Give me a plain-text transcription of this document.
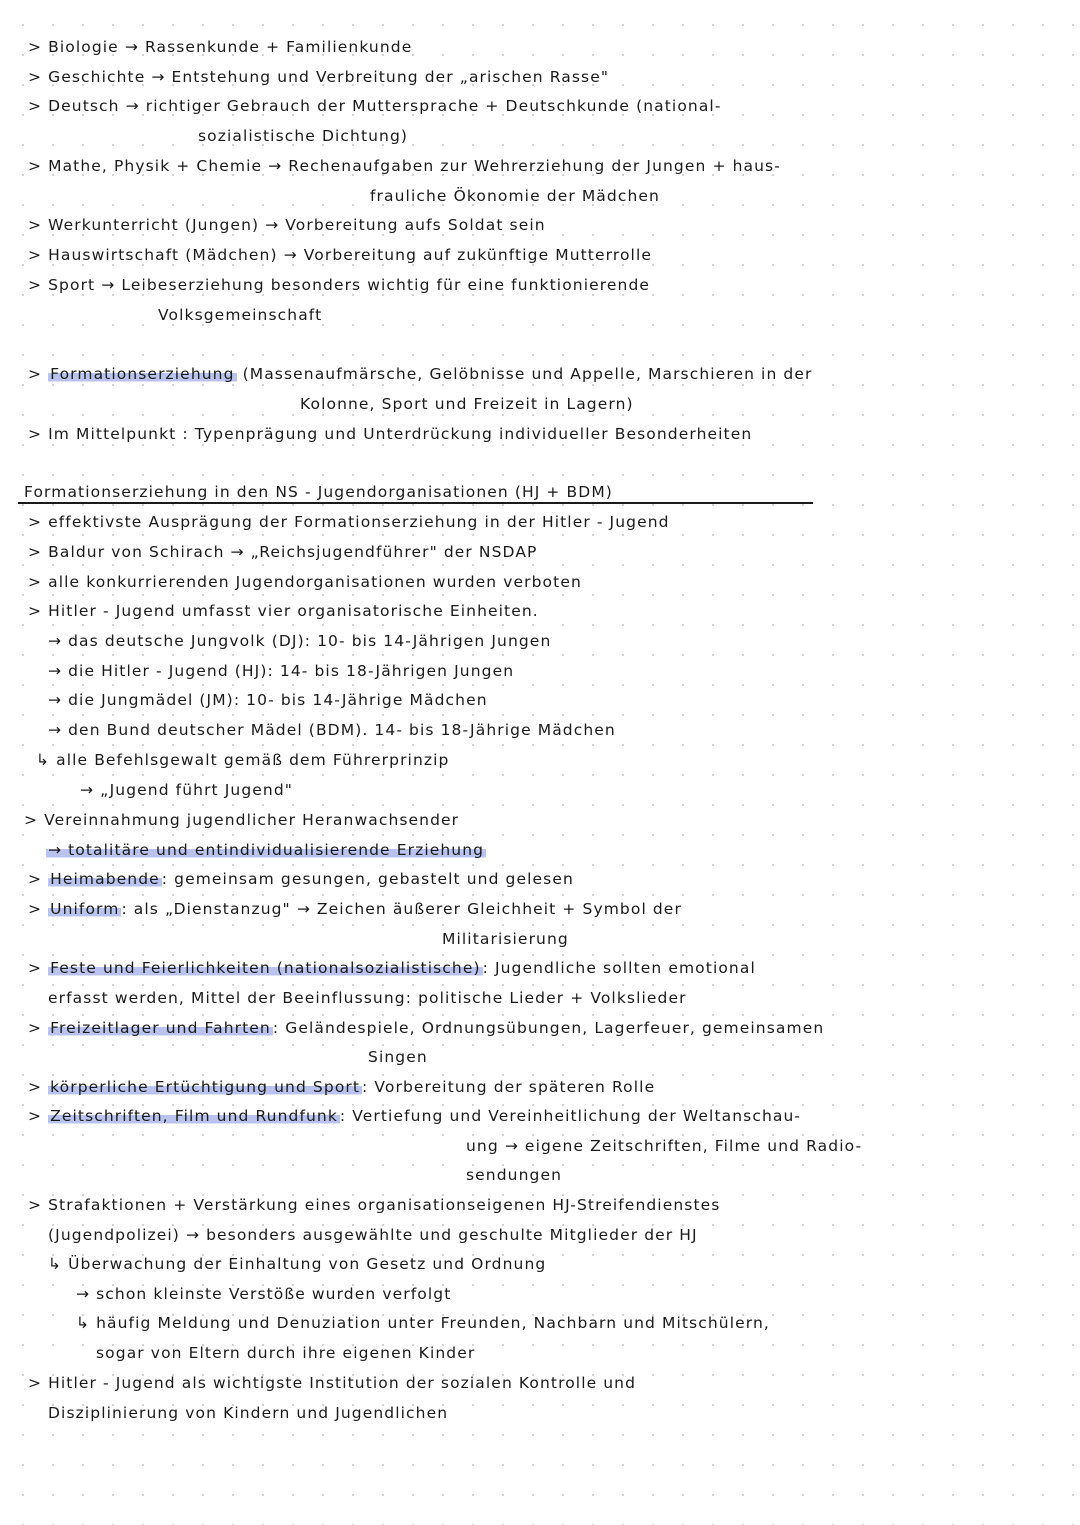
> Biologie → Rassenkunde + Familienkunde
> Geschichte → Entstehung und Verbreitung der „arischen Rasse"
> Deutsch → richtiger Gebrauch der Muttersprache + Deutschkunde (national-
sozialistische Dichtung)
> Mathe, Physik + Chemie → Rechenaufgaben zur Wehrerziehung der Jungen + haus-
frauliche Ökonomie der Mädchen
> Werkunterricht (Jungen) → Vorbereitung aufs Soldat sein
> Hauswirtschaft (Mädchen) → Vorbereitung auf zukünftige Mutterrolle
> Sport → Leibeserziehung besonders wichtig für eine funktionierende
Volksgemeinschaft
> Formationserziehung (Massenaufmärsche, Gelöbnisse und Appelle, Marschieren in der
Kolonne, Sport und Freizeit in Lagern)
> Im Mittelpunkt : Typenprägung und Unterdrückung individueller Besonderheiten
Formationserziehung in den NS - Jugendorganisationen (HJ + BDM)
> effektivste Ausprägung der Formationserziehung in der Hitler - Jugend
> Baldur von Schirach → „Reichsjugendführer" der NSDAP
> alle konkurrierenden Jugendorganisationen wurden verboten
> Hitler - Jugend umfasst vier organisatorische Einheiten.
→ das deutsche Jungvolk (DJ): 10- bis 14-Jährigen Jungen
→ die Hitler - Jugend (HJ): 14- bis 18-Jährigen Jungen
→ die Jungmädel (JM): 10- bis 14-Jährige Mädchen
→ den Bund deutscher Mädel (BDM). 14- bis 18-Jährige Mädchen
↳ alle Befehlsgewalt gemäß dem Führerprinzip
→ „Jugend führt Jugend"
> Vereinnahmung jugendlicher Heranwachsender
→ totalitäre und entindividualisierende Erziehung
> Heimabende : gemeinsam gesungen, gebastelt und gelesen
> Uniform : als „Dienstanzug" → Zeichen äußerer Gleichheit + Symbol der
Militarisierung
> Feste und Feierlichkeiten (nationalsozialistische) : Jugendliche sollten emotional
erfasst werden, Mittel der Beeinflussung: politische Lieder + Volkslieder
> Freizeitlager und Fahrten : Geländespiele, Ordnungsübungen, Lagerfeuer, gemeinsamen
Singen
> körperliche Ertüchtigung und Sport : Vorbereitung der späteren Rolle
> Zeitschriften, Film und Rundfunk : Vertiefung und Vereinheitlichung der Weltanschau-
ung → eigene Zeitschriften, Filme und Radio-
sendungen
> Strafaktionen + Verstärkung eines organisationseigenen HJ-Streifendienstes
(Jugendpolizei) → besonders ausgewählte und geschulte Mitglieder der HJ
↳ Überwachung der Einhaltung von Gesetz und Ordnung
→ schon kleinste Verstöße wurden verfolgt
↳ häufig Meldung und Denuziation unter Freunden, Nachbarn und Mitschülern,
sogar von Eltern durch ihre eigenen Kinder
> Hitler - Jugend als wichtigste Institution der sozialen Kontrolle und
Disziplinierung von Kindern und Jugendlichen
